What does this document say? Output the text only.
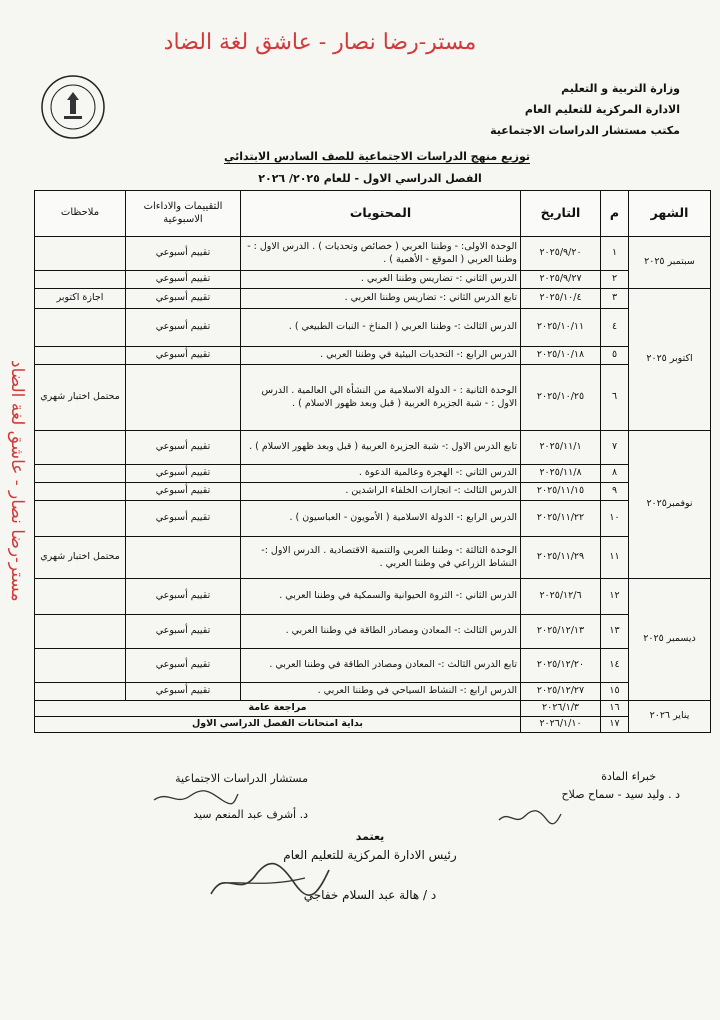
مستر-رضا نصار - عاشق لغة الضاد
مستر-رضا نصار - عاشق لغة الضاد
وزارة التربية و التعليم
الادارة المركزية للتعليم العام
مكتب مستشار الدراسات الاجتماعية
توزيع منهج الدراسات الاجتماعية للصف السادس الابتدائي
الفصل الدراسي الاول - للعام ٢٠٢٥/ ٢٠٢٦
الشهر	م	التاريخ	المحتويات	التقييمات والاداءات الاسبوعية	ملاحظات
سبتمبر ٢٠٢٥	١	٢٠٢٥/٩/٢٠	الوحدة الاولى: - وطننا العربي ( خصائص وتحديات ) . الدرس الاول : - وطننا العربي ( الموقع - الأهمية ) .	تقييم أسبوعي	
	٢	٢٠٢٥/٩/٢٧	الدرس الثاني :- تضاريس وطننا العربي .	تقييم أسبوعي	
اكتوبر ٢٠٢٥	٣	٢٠٢٥/١٠/٤	تابع الدرس الثاني :- تضاريس وطننا العربي .	تقييم أسبوعي	اجازة اكتوبر
	٤	٢٠٢٥/١٠/١١	الدرس الثالث :- وطننا العربي ( المناخ - النبات الطبيعي ) .	تقييم أسبوعي	
	٥	٢٠٢٥/١٠/١٨	الدرس الرابع :- التحديات البيئية في وطننا العربي .	تقييم أسبوعي	
	٦	٢٠٢٥/١٠/٢٥	الوحدة الثانية : - الدولة الاسلامية من النشأة الي العالمية . الدرس الاول : - شبة الجزيرة العربية ( قبل وبعد ظهور الاسلام ) .		محتمل اختبار شهري
نوفمبر٢٠٢٥	٧	٢٠٢٥/١١/١	تابع الدرس الاول :- شبة الجزيرة العربية ( قبل وبعد ظهور الاسلام ) .	تقييم أسبوعي	
	٨	٢٠٢٥/١١/٨	الدرس الثاني :- الهجرة وعالمية الدعوة .	تقييم أسبوعي	
	٩	٢٠٢٥/١١/١٥	الدرس الثالث :- انجازات الخلفاء الراشدين .	تقييم أسبوعي	
	١٠	٢٠٢٥/١١/٢٢	الدرس الرابع :- الدولة الاسلامية ( الأمويون - العباسيون ) .	تقييم أسبوعي	
	١١	٢٠٢٥/١١/٢٩	الوحدة الثالثة :- وطننا العربي والتنمية الاقتصادية . الدرس الاول :- النشاط الزراعي في وطننا العربي .		محتمل اختبار شهري
ديسمبر ٢٠٢٥	١٢	٢٠٢٥/١٢/٦	الدرس الثاني :- الثروة الحيوانية والسمكية في وطننا العربي .	تقييم أسبوعي	
	١٣	٢٠٢٥/١٢/١٣	الدرس الثالث :- المعادن ومصادر الطاقة في وطننا العربي .	تقييم أسبوعي	
	١٤	٢٠٢٥/١٢/٢٠	تابع الدرس الثالث :- المعادن ومصادر الطاقة في وطننا العربي .	تقييم أسبوعي	
	١٥	٢٠٢٥/١٢/٢٧	الدرس ارابع :- النشاط السياحي في وطننا العربي .	تقييم أسبوعي	
يناير ٢٠٢٦	١٦	٢٠٢٦/١/٣	مراجعة عامة		
	١٧	٢٠٢٦/١/١٠	بداية امتحانات الفصل الدراسي الاول		
خبراء المادة
د . وليد سيد - سماح صلاح
مستشار الدراسات الاجتماعية
د. أشرف عبد المنعم سيد
يعتمد
رئيس الادارة المركزية للتعليم العام
د / هالة عبد السلام خفاجي
